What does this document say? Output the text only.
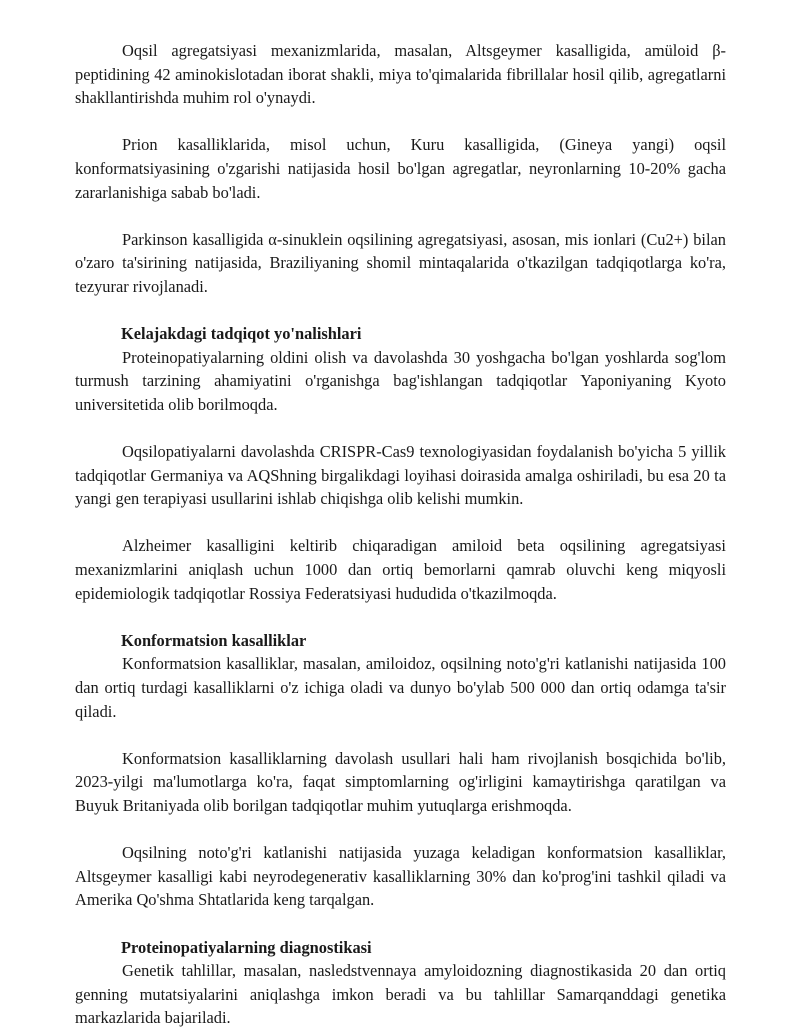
Oqsil agregatsiyasi mexanizmlarida, masalan, Altsgeymer kasalligida, amüloid β-peptidining 42 aminokislotadan iborat shakli, miya to'qimalarida fibrillalar hosil qilib, agregatlarni shakllantirishda muhim rol o'ynaydi.

Prion kasalliklarida, misol uchun, Kuru kasalligida, (Gineya yangi) oqsil konformatsiyasining o'zgarishi natijasida hosil bo'lgan agregatlar, neyronlarning 10-20% gacha zararlanishiga sabab bo'ladi.

Parkinson kasalligida α-sinuklein oqsilining agregatsiyasi, asosan, mis ionlari (Cu2+) bilan o'zaro ta'sirining natijasida, Braziliyaning shomil mintaqalarida o'tkazilgan tadqiqotlarga ko'ra, tezyurar rivojlanadi.

Kelajakdagi tadqiqot yo'nalishlari

Proteinopatiyalarning oldini olish va davolashda 30 yoshgacha bo'lgan yoshlarda sog'lom turmush tarzining ahamiyatini o'rganishga bag'ishlangan tadqiqotlar Yaponiyaning Kyoto universitetida olib borilmoqda.

Oqsilopatiyalarni davolashda CRISPR-Cas9 texnologiyasidan foydalanish bo'yicha 5 yillik tadqiqotlar Germaniya va AQShning birgalikdagi loyihasi doirasida amalga oshiriladi, bu esa 20 ta yangi gen terapiyasi usullarini ishlab chiqishga olib kelishi mumkin.

Alzheimer kasalligini keltirib chiqaradigan amiloid beta oqsilining agregatsiyasi mexanizmlarini aniqlash uchun 1000 dan ortiq bemorlarni qamrab oluvchi keng miqyosli epidemiologik tadqiqotlar Rossiya Federatsiyasi hududida o'tkazilmoqda.

Konformatsion kasalliklar

Konformatsion kasalliklar, masalan, amiloidoz, oqsilning noto'g'ri katlanishi natijasida 100 dan ortiq turdagi kasalliklarni o'z ichiga oladi va dunyo bo'ylab 500 000 dan ortiq odamga ta'sir qiladi.

Konformatsion kasalliklarning davolash usullari hali ham rivojlanish bosqichida bo'lib, 2023-yilgi ma'lumotlarga ko'ra, faqat simptomlarning og'irligini kamaytirishga qaratilgan va Buyuk Britaniyada olib borilgan tadqiqotlar muhim yutuqlarga erishmoqda.

Oqsilning noto'g'ri katlanishi natijasida yuzaga keladigan konformatsion kasalliklar, Altsgeymer kasalligi kabi neyrodegenerativ kasalliklarning 30% dan ko'prog'ini tashkil qiladi va Amerika Qo'shma Shtatlarida keng tarqalgan.

Proteinopatiyalarning diagnostikasi

Genetik tahlillar, masalan, nasledstvennaya amyloidozning diagnostikasida 20 dan ortiq genning mutatsiyalarini aniqlashga imkon beradi va bu tahlillar Samarqanddagi genetika markazlarida bajariladi.
